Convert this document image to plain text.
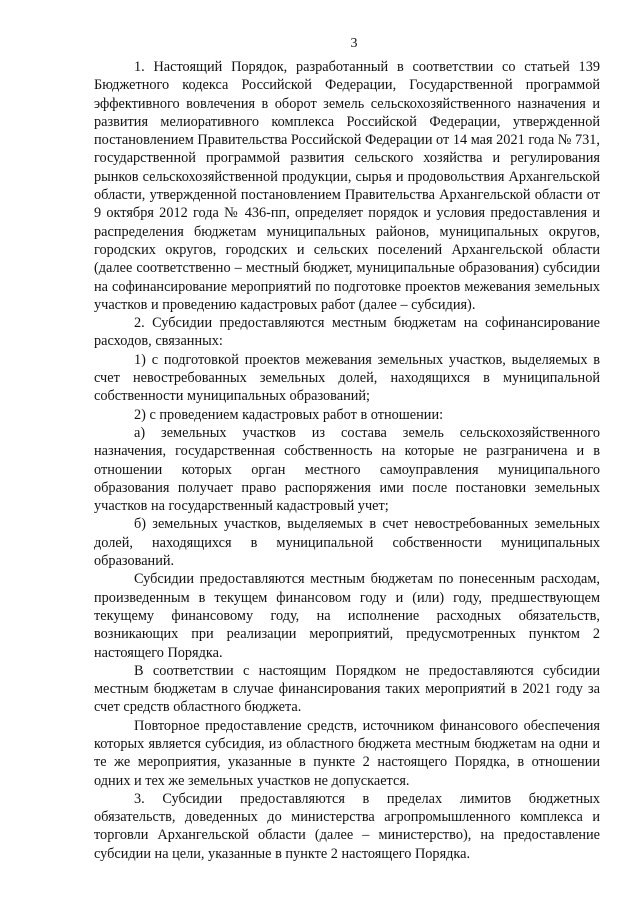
3

1. Настоящий Порядок, разработанный в соответствии со статьей 139 Бюджетного кодекса Российской Федерации, Государственной программой эффективного вовлечения в оборот земель сельскохозяйственного назначения и развития мелиоративного комплекса Российской Федерации, утвержденной постановлением Правительства Российской Федерации от 14 мая 2021 года № 731, государственной программой развития сельского хозяйства и регулирования рынков сельскохозяйственной продукции, сырья и продовольствия Архангельской области, утвержденной постановлением Правительства Архангельской области от 9 октября 2012 года № 436-пп, определяет порядок и условия предоставления и распределения бюджетам муниципальных районов, муниципальных округов, городских округов, городских и сельских поселений Архангельской области (далее соответственно – местный бюджет, муниципальные образования) субсидии на софинансирование мероприятий по подготовке проектов межевания земельных участков и проведению кадастровых работ (далее – субсидия).

2. Субсидии предоставляются местным бюджетам на софинансирование расходов, связанных:

1) с подготовкой проектов межевания земельных участков, выделяемых в счет невостребованных земельных долей, находящихся в муниципальной собственности муниципальных образований;

2) с проведением кадастровых работ в отношении:

а) земельных участков из состава земель сельскохозяйственного назначения, государственная собственность на которые не разграничена и в отношении которых орган местного самоуправления муниципального образования получает право распоряжения ими после постановки земельных участков на государственный кадастровый учет;

б) земельных участков, выделяемых в счет невостребованных земельных долей, находящихся в муниципальной собственности муниципальных образований.

Субсидии предоставляются местным бюджетам по понесенным расходам, произведенным в текущем финансовом году и (или) году, предшествующем текущему финансовому году, на исполнение расходных обязательств, возникающих при реализации мероприятий, предусмотренных пунктом 2 настоящего Порядка.

В соответствии с настоящим Порядком не предоставляются субсидии местным бюджетам в случае финансирования таких мероприятий в 2021 году за счет средств областного бюджета.

Повторное предоставление средств, источником финансового обеспечения которых является субсидия, из областного бюджета местным бюджетам на одни и те же мероприятия, указанные в пункте 2 настоящего Порядка, в отношении одних и тех же земельных участков не допускается.

3. Субсидии предоставляются в пределах лимитов бюджетных обязательств, доведенных до министерства агропромышленного комплекса и торговли Архангельской области (далее – министерство), на предоставление субсидии на цели, указанные в пункте 2 настоящего Порядка.
